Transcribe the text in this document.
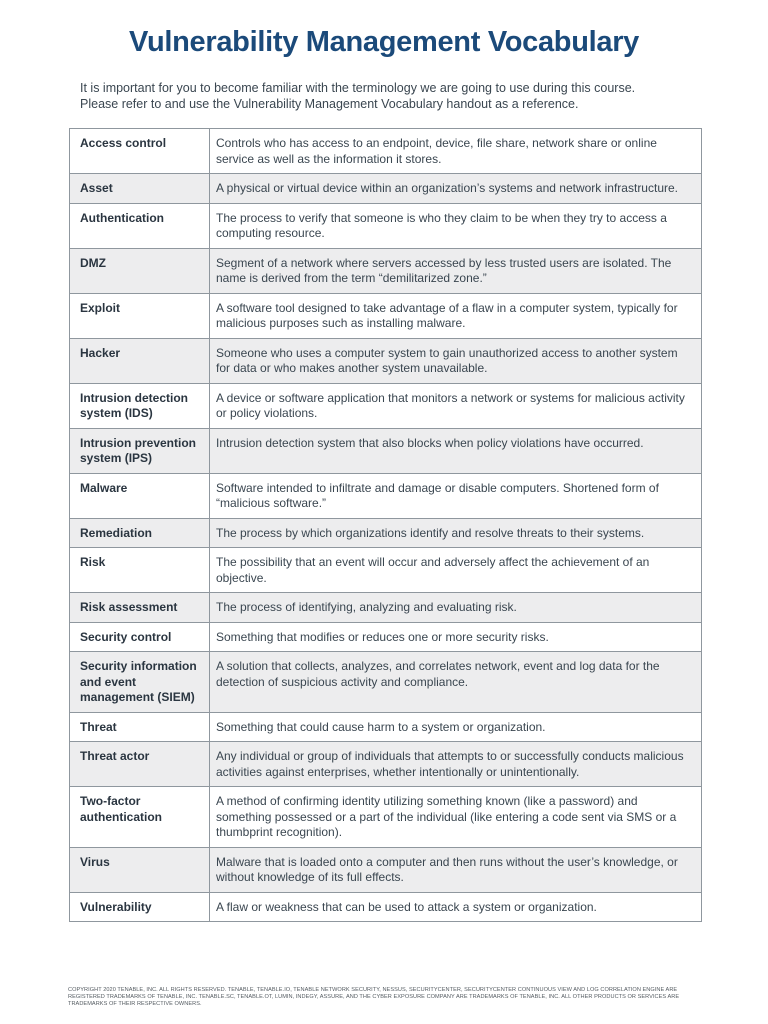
Vulnerability Management Vocabulary

It is important for you to become familiar with the terminology we are going to use during this course.
Please refer to and use the Vulnerability Management Vocabulary handout as a reference.

Access control	Controls who has access to an endpoint, device, file share, network share or online service as well as the information it stores.
Asset	A physical or virtual device within an organization’s systems and network infrastructure.
Authentication	The process to verify that someone is who they claim to be when they try to access a computing resource.
DMZ	Segment of a network where servers accessed by less trusted users are isolated. The name is derived from the term “demilitarized zone.”
Exploit	A software tool designed to take advantage of a flaw in a computer system, typically for malicious purposes such as installing malware.
Hacker	Someone who uses a computer system to gain unauthorized access to another system for data or who makes another system unavailable.
Intrusion detection system (IDS)	A device or software application that monitors a network or systems for malicious activity or policy violations.
Intrusion prevention system (IPS)	Intrusion detection system that also blocks when policy violations have occurred.
Malware	Software intended to infiltrate and damage or disable computers. Shortened form of “malicious software.”
Remediation	The process by which organizations identify and resolve threats to their systems.
Risk	The possibility that an event will occur and adversely affect the achievement of an objective.
Risk assessment	The process of identifying, analyzing and evaluating risk.
Security control	Something that modifies or reduces one or more security risks.
Security information and event management (SIEM)	A solution that collects, analyzes, and correlates network, event and log data for the detection of suspicious activity and compliance.
Threat	Something that could cause harm to a system or organization.
Threat actor	Any individual or group of individuals that attempts to or successfully conducts malicious activities against enterprises, whether intentionally or unintentionally.
Two-factor authentication	A method of confirming identity utilizing something known (like a password) and something possessed or a part of the individual (like entering a code sent via SMS or a thumbprint recognition).
Virus	Malware that is loaded onto a computer and then runs without the user’s knowledge, or without knowledge of its full effects.
Vulnerability	A flaw or weakness that can be used to attack a system or organization.

COPYRIGHT 2020 TENABLE, INC. ALL RIGHTS RESERVED. TENABLE, TENABLE.IO, TENABLE NETWORK SECURITY, NESSUS, SECURITYCENTER, SECURITYCENTER CONTINUOUS VIEW AND LOG CORRELATION ENGINE ARE REGISTERED TRADEMARKS OF TENABLE, INC. TENABLE.SC, TENABLE.OT, LUMIN, INDEGY, ASSURE, AND THE CYBER EXPOSURE COMPANY ARE TRADEMARKS OF TENABLE, INC. ALL OTHER PRODUCTS OR SERVICES ARE TRADEMARKS OF THEIR RESPECTIVE OWNERS.
